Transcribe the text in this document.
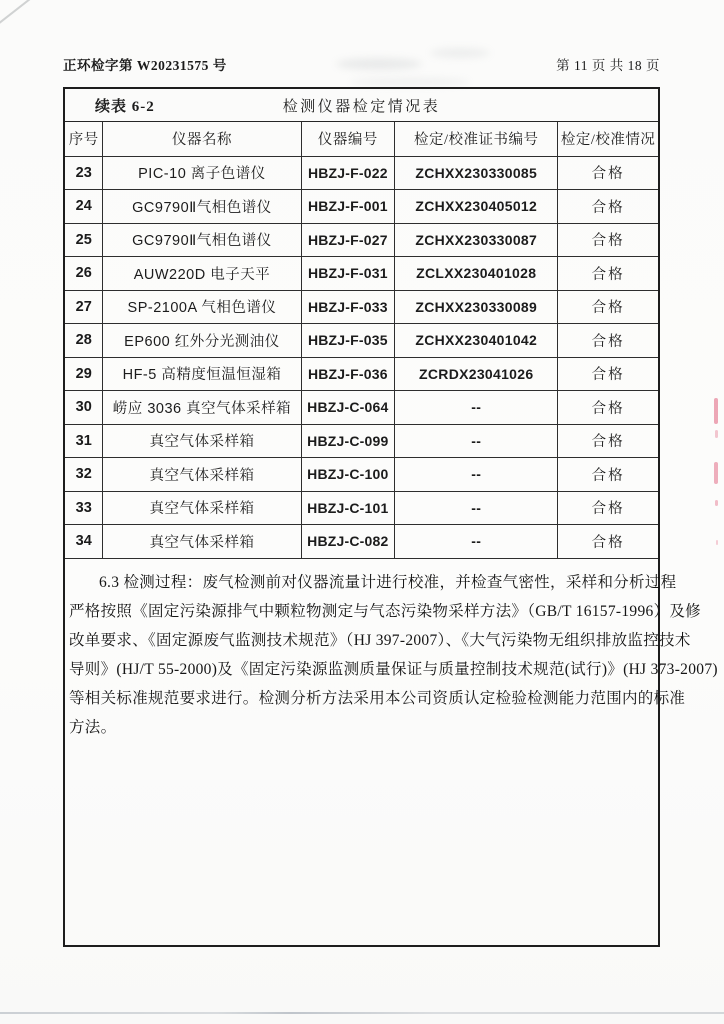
正环检字第 W20231575 号	第 11 页 共 18 页
检测仪器检定情况表
续表 6-2
序号	仪器名称	仪器编号	检定/校准证书编号	检定/校准情况
23	PIC-10 离子色谱仪	HBZJ-F-022	ZCHXX230330085	合格
24	GC9790Ⅱ气相色谱仪	HBZJ-F-001	ZCHXX230405012	合格
25	GC9790Ⅱ气相色谱仪	HBZJ-F-027	ZCHXX230330087	合格
26	AUW220D 电子天平	HBZJ-F-031	ZCLXX230401028	合格
27	SP-2100A 气相色谱仪	HBZJ-F-033	ZCHXX230330089	合格
28	EP600 红外分光测油仪	HBZJ-F-035	ZCHXX230401042	合格
29	HF-5 高精度恒温恒湿箱	HBZJ-F-036	ZCRDX23041026	合格
30	崂应 3036 真空气体采样箱	HBZJ-C-064	--	合格
31	真空气体采样箱	HBZJ-C-099	--	合格
32	真空气体采样箱	HBZJ-C-100	--	合格
33	真空气体采样箱	HBZJ-C-101	--	合格
34	真空气体采样箱	HBZJ-C-082	--	合格
6.3 检测过程：废气检测前对仪器流量计进行校准，并检查气密性，采样和分析过程
严格按照《固定污染源排气中颗粒物测定与气态污染物采样方法》（GB/T 16157-1996）及修
改单要求、《固定源废气监测技术规范》（HJ 397-2007）、《大气污染物无组织排放监控技术
导则》(HJ/T 55-2000)及《固定污染源监测质量保证与质量控制技术规范(试行)》(HJ 373-2007)
等相关标准规范要求进行。检测分析方法采用本公司资质认定检验检测能力范围内的标准
方法。
